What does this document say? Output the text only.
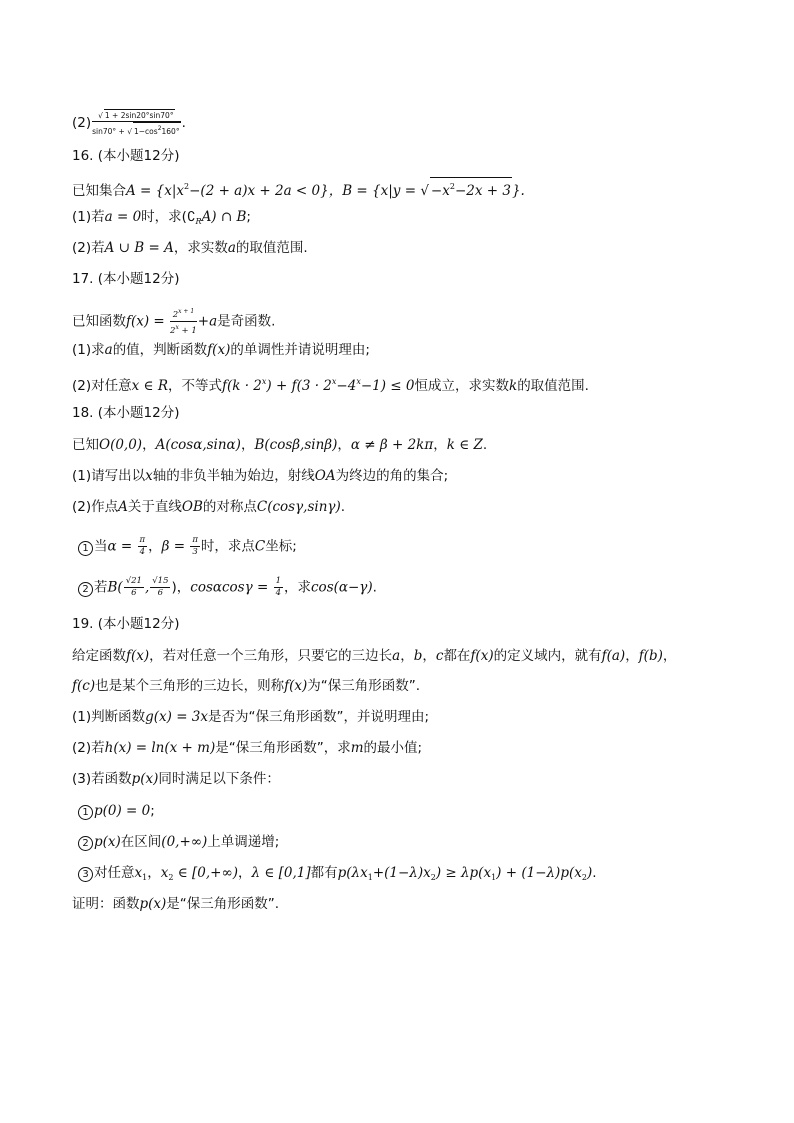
$(2) \frac{√ 1 + 2\sin 20^\circ\sin 70^\circ}{\sin 70^\circ + √ 1-\cos^2160^\circ}$ .
16. (本小题12分)
已知集合$A = \{x|x^2-(2 + a)x + 2a < 0\}$，B = {x|y = √ $-x^2-2x + 3$}.
(1)若a = 0时，求$(∁_RA)$ ∩ B;
(2)若A ∪ B = A，求实数a的取值范围.
17. (本小题12分)
已知函数$f(x) = \frac{2^{x + 1}}{2^x + 1} +a$是奇函数.
(1)求a的值，判断函数f(x)的单调性并请说明理由;
(2)对任意x ∈ R，不等式$f(k \cdot 2^x) + f(3 \cdot 2^x-4^x-1) \le 0$恒成立，求实数k的取值范围.
18. (本小题12分)
已知O(0,0)，A(cosα,sinα)，B(cosβ,sinβ)，α ≠ β + 2kπ，k ∈ Z.
(1)请写出以x轴的非负半轴为始边，射线OA为终边的角的集合;
(2)作点A关于直线OB的对称点C(cosγ,sinγ).
1 当$\alpha = \frac{\pi}{4}$ ，$\beta = \frac{\pi}{3}$ 时，求点C坐标;
2 若$B( \frac{√21}{6}$ , $\frac{√15}{6}$ )，$\cos\alpha\cos\gamma = \frac{1}{4}$ ，求cos(α−γ).
19. (本小题12分)
给定函数f(x)，若对任意一个三角形，只要它的三边长a，b，c都在f(x)的定义域内，就有f(a)，f(b)，
f(c)也是某个三角形的三边长，则称f(x)为“保三角形函数”.
(1)判断函数g(x) = 3x是否为“保三角形函数”，并说明理由;
(2)若h(x) = ln(x + m)是“保三角形函数”，求m的最小值;
(3)若函数p(x)同时满足以下条件：
1 p(0) = 0;
2 p(x)在区间(0,+∞)上单调递增;
3 对任意$x_1$，$x_2$ ∈ [0,+∞)，λ ∈ [0,1]都有$p(\lambda x_1+(1-\lambda)x_2) \ge \lambda p(x_1) + (1-\lambda)p(x_2)$.
证明：函数p(x)是“保三角形函数”.
